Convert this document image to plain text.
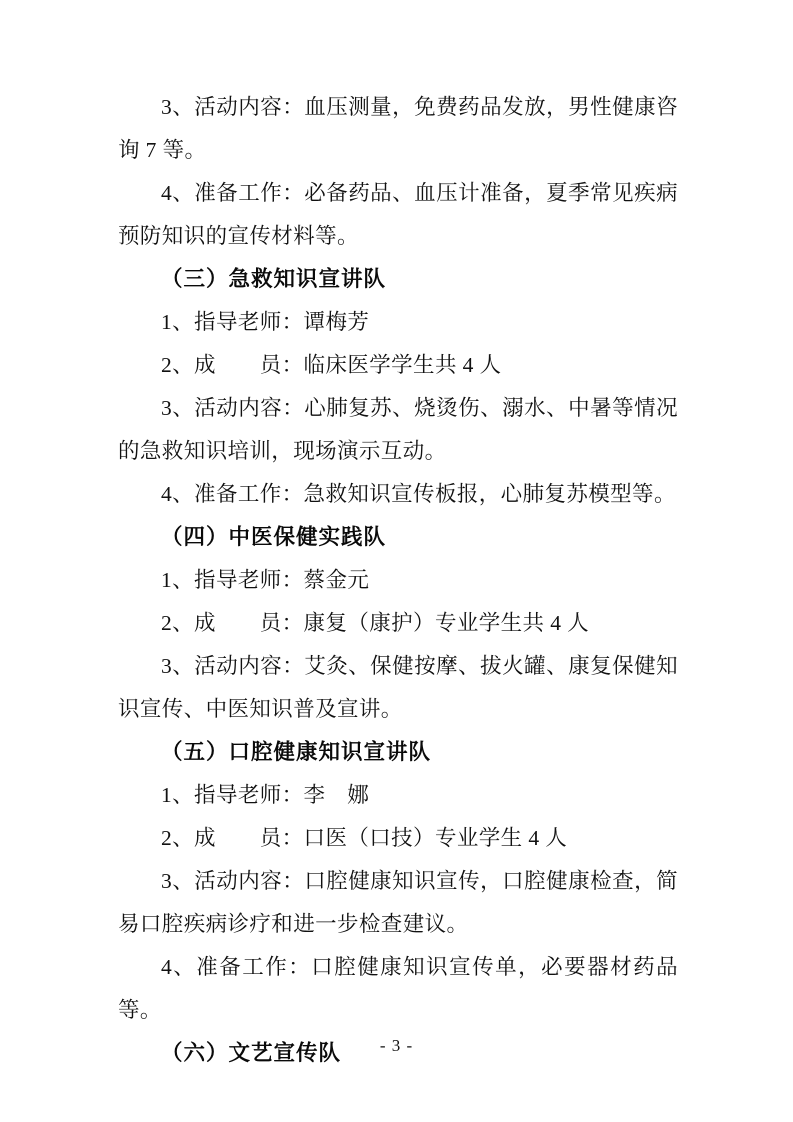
3、活动内容：血压测量，免费药品发放，男性健康咨询 7 等。

4、准备工作：必备药品、血压计准备，夏季常见疾病预防知识的宣传材料等。

（三）急救知识宣讲队

1、指导老师：谭梅芳

2、成　　员：临床医学学生共 4 人

3、活动内容：心肺复苏、烧烫伤、溺水、中暑等情况的急救知识培训，现场演示互动。

4、准备工作：急救知识宣传板报，心肺复苏模型等。

（四）中医保健实践队

1、指导老师：蔡金元

2、成　　员：康复（康护）专业学生共 4 人

3、活动内容：艾灸、保健按摩、拔火罐、康复保健知识宣传、中医知识普及宣讲。

（五）口腔健康知识宣讲队

1、指导老师：李　娜

2、成　　员：口医（口技）专业学生 4 人

3、活动内容：口腔健康知识宣传，口腔健康检查，简易口腔疾病诊疗和进一步检查建议。

4、准备工作：口腔健康知识宣传单，必要器材药品等。

（六）文艺宣传队	- 3 -
